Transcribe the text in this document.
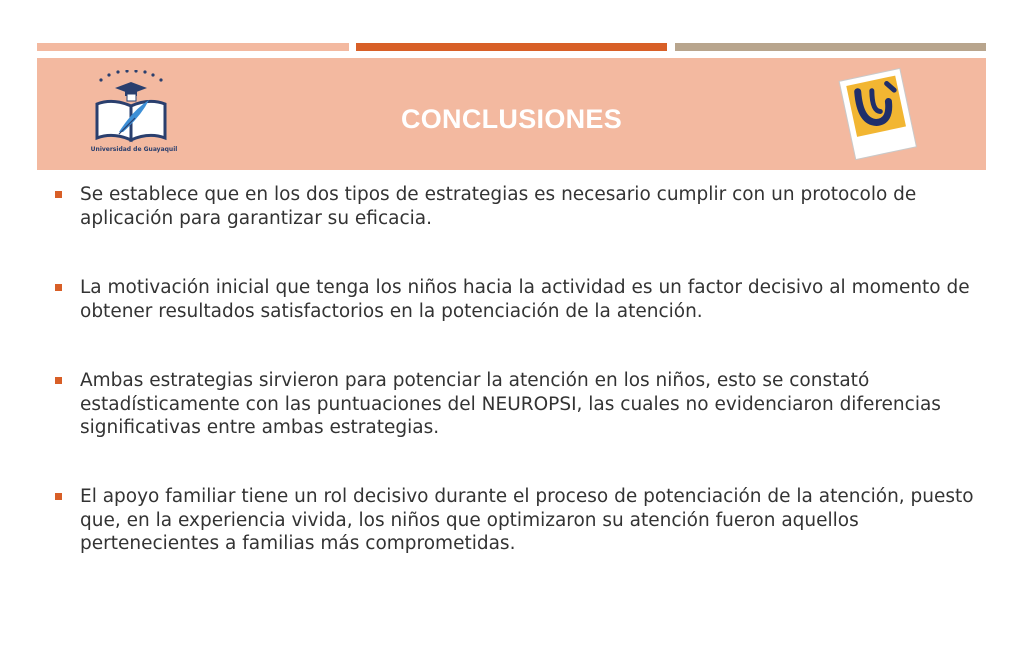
Universidad de Guayaquil
CONCLUSIONES

Se establece que en los dos tipos de estrategias es necesario cumplir con un protocolo de aplicación para garantizar su eficacia.

La motivación inicial que tenga los niños hacia la actividad es un factor decisivo al momento de obtener resultados satisfactorios en la potenciación de la atención.

Ambas estrategias sirvieron para potenciar la atención en los niños, esto se constató estadísticamente con las puntuaciones del NEUROPSI, las cuales no evidenciaron diferencias significativas entre ambas estrategias.

El apoyo familiar tiene un rol decisivo durante el proceso de potenciación de la atención, puesto que, en la experiencia vivida, los niños que optimizaron su atención fueron aquellos pertenecientes a familias más comprometidas.
